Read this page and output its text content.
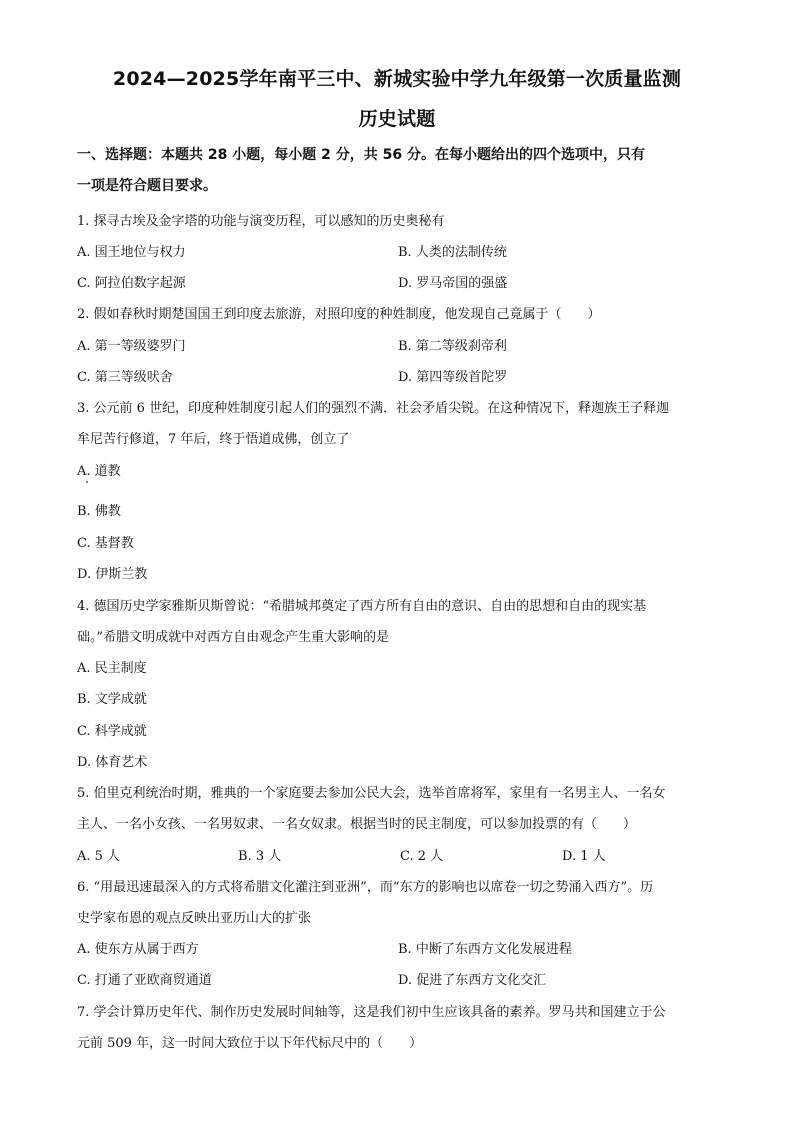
2024—2025学年南平三中、新城实验中学九年级第一次质量监测
历史试题
一、选择题：本题共 28 小题，每小题 2 分，共 56 分。在每小题给出的四个选项中，只有
一项是符合题目要求。
1. 探寻古埃及金字塔的功能与演变历程，可以感知的历史奥秘有
A. 国王地位与权力	B. 人类的法制传统
C. 阿拉伯数字起源	D. 罗马帝国的强盛
2. 假如春秋时期楚国国王到印度去旅游，对照印度的种姓制度，他发现自己竟属于（　　）
A. 第一等级婆罗门	B. 第二等级刹帝利
C. 第三等级吠舍	D. 第四等级首陀罗
3. 公元前 6 世纪，印度种姓制度引起人们的强烈不满．社会矛盾尖锐。在这种情况下，释迦族王子释迦
牟尼苦行修道，7 年后，终于悟道成佛，创立了
A. 道教
B. 佛教
C. 基督教
D. 伊斯兰教
4. 德国历史学家雅斯贝斯曾说：“希腊城邦奠定了西方所有自由的意识、自由的思想和自由的现实基
础。”希腊文明成就中对西方自由观念产生重大影响的是
A. 民主制度
B. 文学成就
C. 科学成就
D. 体育艺术
5. 伯里克利统治时期，雅典的一个家庭要去参加公民大会，选举首席将军，家里有一名男主人、一名女
主人、一名小女孩、一名男奴隶、一名女奴隶。根据当时的民主制度，可以参加投票的有（　　）
A. 5 人	B. 3 人	C. 2 人	D. 1 人
6. “用最迅速最深入的方式将希腊文化灌注到亚洲”，而“东方的影响也以席卷一切之势涌入西方”。历
史学家布恩的观点反映出亚历山大的扩张
A. 使东方从属于西方	B. 中断了东西方文化发展进程
C. 打通了亚欧商贸通道	D. 促进了东西方文化交汇
7. 学会计算历史年代、制作历史发展时间轴等，这是我们初中生应该具备的素养。罗马共和国建立于公
元前 509 年，这一时间大致位于以下年代标尺中的（　　）
